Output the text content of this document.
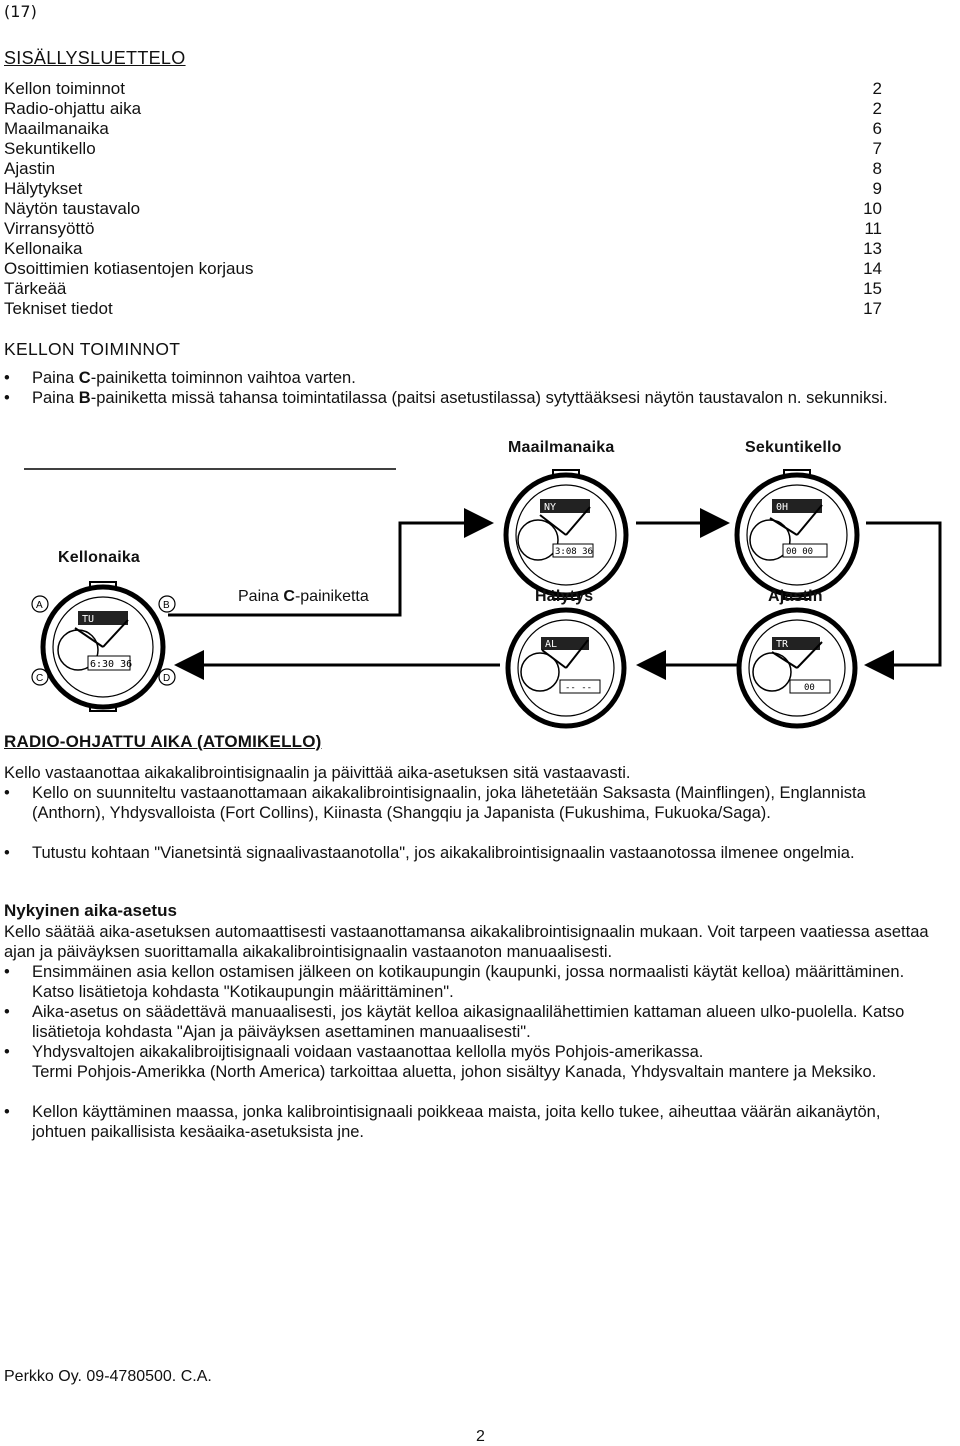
(17)
SISÄLLYSLUETTELO
Kellon toiminnot	2
Radio-ohjattu aika	2
Maailmanaika	6
Sekuntikello	7
Ajastin	8
Hälytykset	9
Näytön taustavalo	10
Virransyöttö	11
Kellonaika	13
Osoittimien kotiasentojen korjaus	14
Tärkeää	15
Tekniset tiedot	17
KELLON TOIMINNOT
•	Paina C-painiketta toiminnon vaihtoa varten.
•	Paina B-painiketta missä tahansa toimintatilassa (paitsi asetustilassa) sytyttääksesi näytön taustavalon n. sekunniksi.
NY
3:08 36
0H
00 00
TU
6:30 36
A	B
C	D
AL
-- --
TR
00
Maailmanaika	Sekuntikello
Kellonaika
Paina C-painiketta	Hälytys	Ajastin
RADIO-OHJATTU AIKA (ATOMIKELLO)
Kello vastaanottaa aikakalibrointisignaalin ja päivittää aika-asetuksen sitä vastaavasti.
•	Kello on suunniteltu vastaanottamaan aikakalibrointisignaalin, joka lähetetään Saksasta (Mainflingen), Englannista (Anthorn), Yhdysvalloista (Fort Collins), Kiinasta (Shangqiu ja Japanista (Fukushima, Fukuoka/Saga).
•	Tutustu kohtaan "Vianetsintä signaalivastaanotolla", jos aikakalibrointisignaalin vastaanotossa ilmenee ongelmia.
Nykyinen aika-asetus
Kello säätää aika-asetuksen automaattisesti vastaanottamansa aikakalibrointisignaalin mukaan. Voit tarpeen vaatiessa asettaa ajan ja päiväyksen suorittamalla aikakalibrointisignaalin vastaanoton manuaalisesti.
•	Ensimmäinen asia kellon ostamisen jälkeen on kotikaupungin (kaupunki, jossa normaalisti käytät kelloa) määrittäminen. Katso lisätietoja kohdasta "Kotikaupungin määrittäminen".
•	Aika-asetus on säädettävä manuaalisesti, jos käytät kelloa aikasignaalilähettimien kattaman alueen ulko-puolella. Katso lisätietoja kohdasta "Ajan ja päiväyksen asettaminen manuaalisesti".
•	Yhdysvaltojen aikakalibroijtisignaali voidaan vastaanottaa kellolla myös Pohjois-amerikassa.
Termi Pohjois-Amerikka (North America) tarkoittaa aluetta, johon sisältyy Kanada, Yhdysvaltain mantere ja Meksiko.
•	Kellon käyttäminen maassa, jonka kalibrointisignaali poikkeaa maista, joita kello tukee, aiheuttaa väärän aikanäytön, johtuen paikallisista kesäaika-asetuksista jne.
Perkko Oy. 09-4780500. C.A.
2
